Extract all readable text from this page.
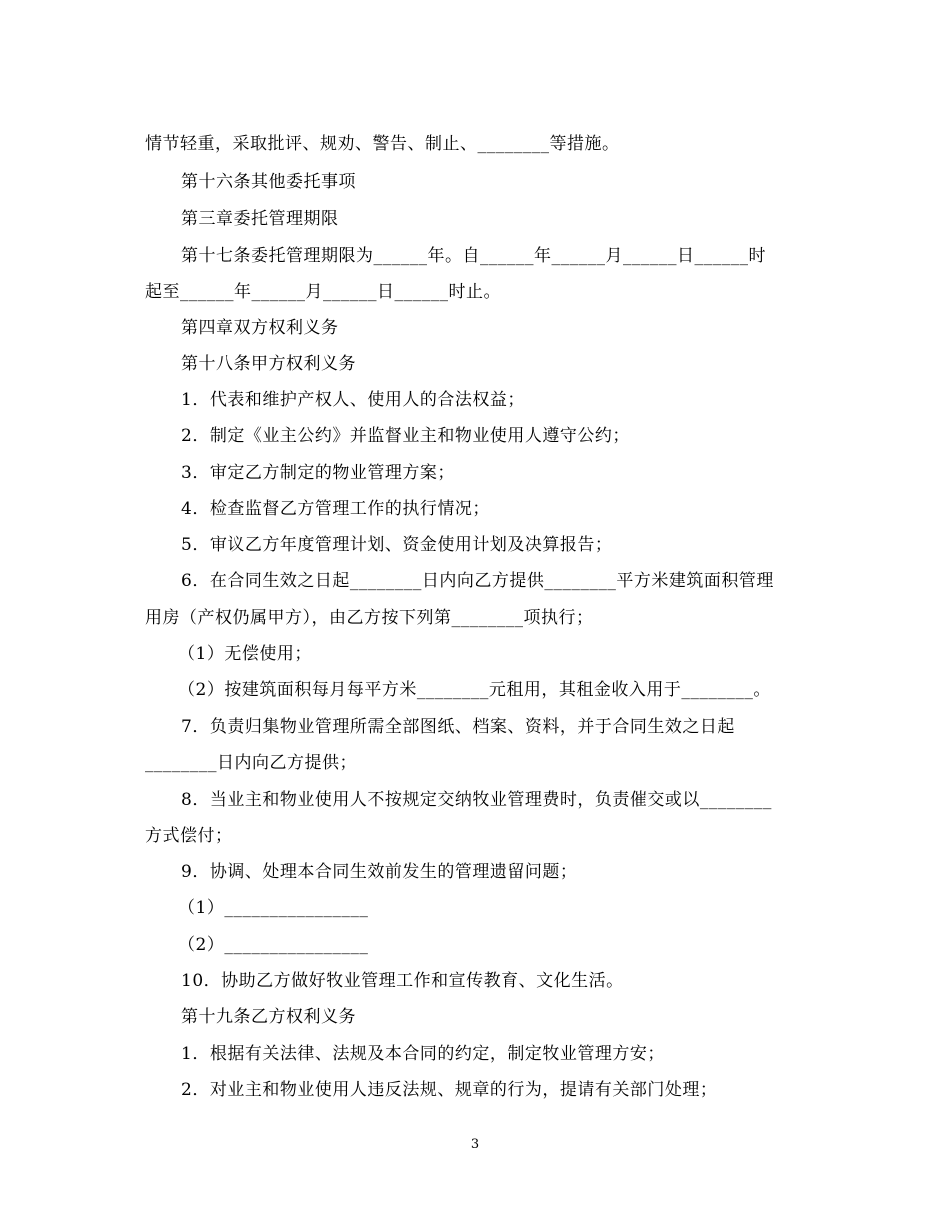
情节轻重，采取批评、规劝、警告、制止、________等措施。
第十六条其他委托事项
第三章委托管理期限
第十七条委托管理期限为______年。自______年______月______日______时
起至______年______月______日______时止。
第四章双方权利义务
第十八条甲方权利义务
1．代表和维护产权人、使用人的合法权益；
2．制定《业主公约》并监督业主和物业使用人遵守公约；
3．审定乙方制定的物业管理方案；
4．检查监督乙方管理工作的执行情况；
5．审议乙方年度管理计划、资金使用计划及决算报告；
6．在合同生效之日起________日内向乙方提供________平方米建筑面积管理
用房（产权仍属甲方），由乙方按下列第________项执行；
（1）无偿使用；
（2）按建筑面积每月每平方米________元租用，其租金收入用于________。
7．负责归集物业管理所需全部图纸、档案、资料，并于合同生效之日起
________日内向乙方提供；
8．当业主和物业使用人不按规定交纳牧业管理费时，负责催交或以________
方式偿付；
9．协调、处理本合同生效前发生的管理遗留问题；
（1）________________
（2）________________
10．协助乙方做好牧业管理工作和宣传教育、文化生活。
第十九条乙方权利义务
1．根据有关法律、法规及本合同的约定，制定牧业管理方安；
2．对业主和物业使用人违反法规、规章的行为，提请有关部门处理；
3
